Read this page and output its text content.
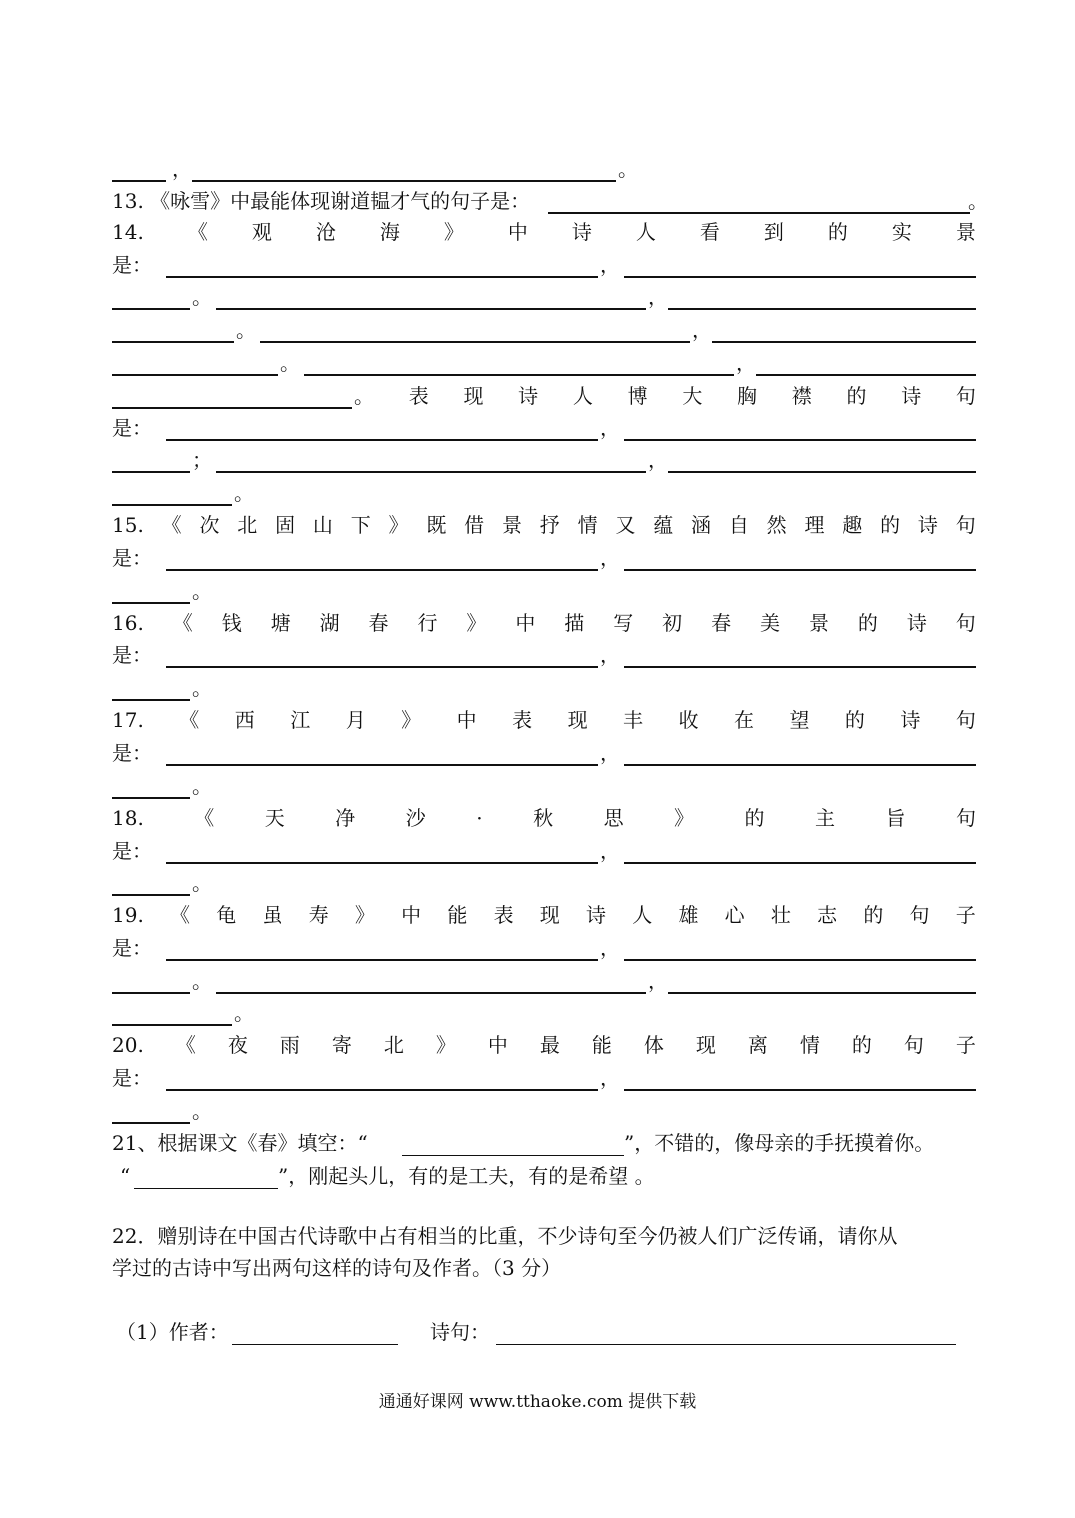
，	。
13. 《咏雪》中最能体现谢道韫才气的句子是：	。
14. 《 观 沧 海 》 中 诗 人 看 到 的 实 景
是：	，
。	，
。	，
。	，
。 表 现 诗 人 博 大 胸 襟 的 诗 句
是：	，
；	，
。
15. 《 次 北 固 山 下 》 既 借 景 抒 情 又 蕴 涵 自 然 理 趣 的 诗 句
是：	，
。
16. 《 钱 塘 湖 春 行 》 中 描 写 初 春 美 景 的 诗 句
是：	，
。
17. 《 西 江 月 》 中 表 现 丰 收 在 望 的 诗 句
是：	，
。
18.	《	天	净	沙	·	秋	思	》	的	主	旨	句
是：	，
。
19. 《 龟 虽 寿 》 中 能 表 现 诗 人 雄 心 壮 志 的 句 子
是：	，
。	，
。
20. 《 夜 雨 寄 北 》 中 最 能 体 现 离 情 的 句 子
是：	，
。
21、根据课文《春》填空：“	”，不错的，像母亲的手抚摸着你。
“	”，刚起头儿，有的是工夫，有的是希望 。
22．赠别诗在中国古代诗歌中占有相当的比重，不少诗句至今仍被人们广泛传诵，请你从
学过的古诗中写出两句这样的诗句及作者。（3 分）
（1）作者：	诗句：
通通好课网 www.tthaoke.com 提供下载
